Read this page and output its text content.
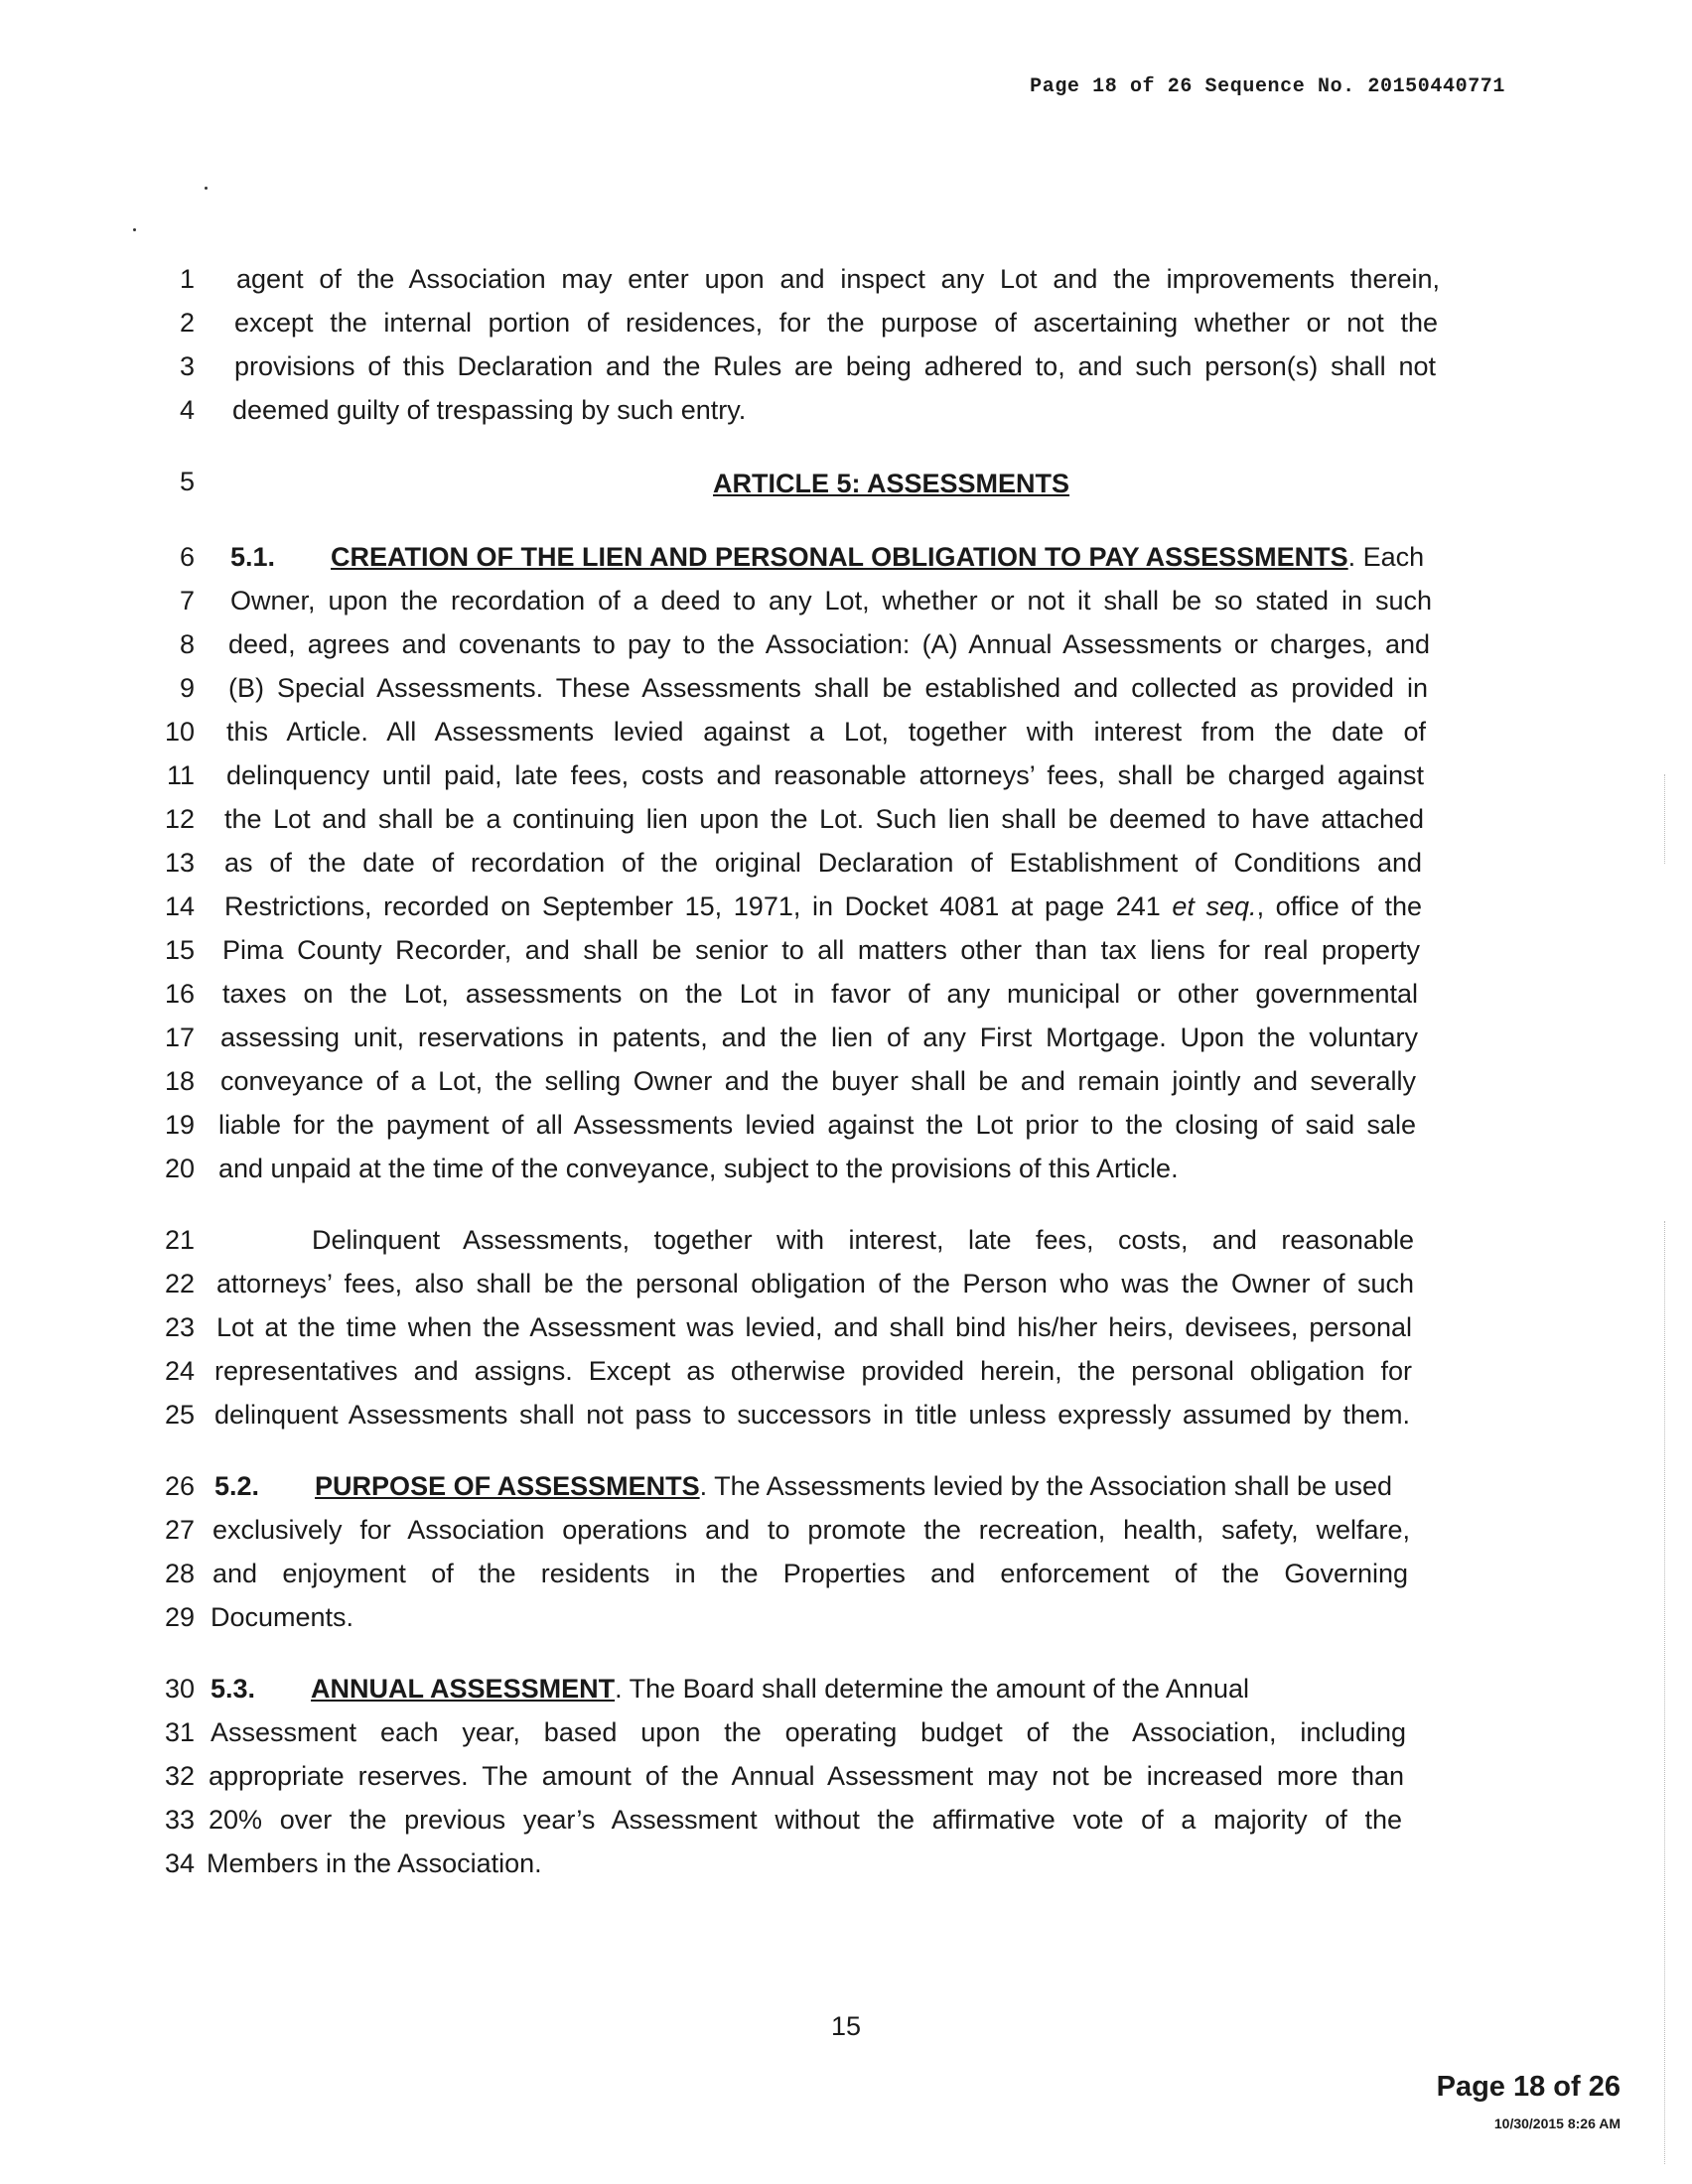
Page 18 of 26 Sequence No. 20150440771
1 agent of the Association may enter upon and inspect any Lot and the improvements therein,
2 except the internal portion of residences, for the purpose of ascertaining whether or not the
3 provisions of this Declaration and the Rules are being adhered to, and such person(s) shall not
4 deemed guilty of trespassing by such entry.
5	ARTICLE 5: ASSESSMENTS
6 5.1. CREATION OF THE LIEN AND PERSONAL OBLIGATION TO PAY ASSESSMENTS. Each
7 Owner, upon the recordation of a deed to any Lot, whether or not it shall be so stated in such
8 deed, agrees and covenants to pay to the Association: (A) Annual Assessments or charges, and
9 (B) Special Assessments. These Assessments shall be established and collected as provided in
10 this Article. All Assessments levied against a Lot, together with interest from the date of
11 delinquency until paid, late fees, costs and reasonable attorneys’ fees, shall be charged against
12 the Lot and shall be a continuing lien upon the Lot. Such lien shall be deemed to have attached
13 as of the date of recordation of the original Declaration of Establishment of Conditions and
14 Restrictions, recorded on September 15, 1971, in Docket 4081 at page 241 et seq., office of the
15 Pima County Recorder, and shall be senior to all matters other than tax liens for real property
16 taxes on the Lot, assessments on the Lot in favor of any municipal or other governmental
17 assessing unit, reservations in patents, and the lien of any First Mortgage. Upon the voluntary
18 conveyance of a Lot, the selling Owner and the buyer shall be and remain jointly and severally
19 liable for the payment of all Assessments levied against the Lot prior to the closing of said sale
20 and unpaid at the time of the conveyance, subject to the provisions of this Article.
21	Delinquent Assessments, together with interest, late fees, costs, and reasonable
22 attorneys’ fees, also shall be the personal obligation of the Person who was the Owner of such
23 Lot at the time when the Assessment was levied, and shall bind his/her heirs, devisees, personal
24 representatives and assigns. Except as otherwise provided herein, the personal obligation for
25 delinquent Assessments shall not pass to successors in title unless expressly assumed by them.
26 5.2. PURPOSE OF ASSESSMENTS. The Assessments levied by the Association shall be used
27 exclusively for Association operations and to promote the recreation, health, safety, welfare,
28 and enjoyment of the residents in the Properties and enforcement of the Governing
29 Documents.
30 5.3. ANNUAL ASSESSMENT. The Board shall determine the amount of the Annual
31 Assessment each year, based upon the operating budget of the Association, including
32 appropriate reserves. The amount of the Annual Assessment may not be increased more than
33 20% over the previous year’s Assessment without the affirmative vote of a majority of the
34 Members in the Association.
15
Page 18 of 26
10/30/2015 8:26 AM
